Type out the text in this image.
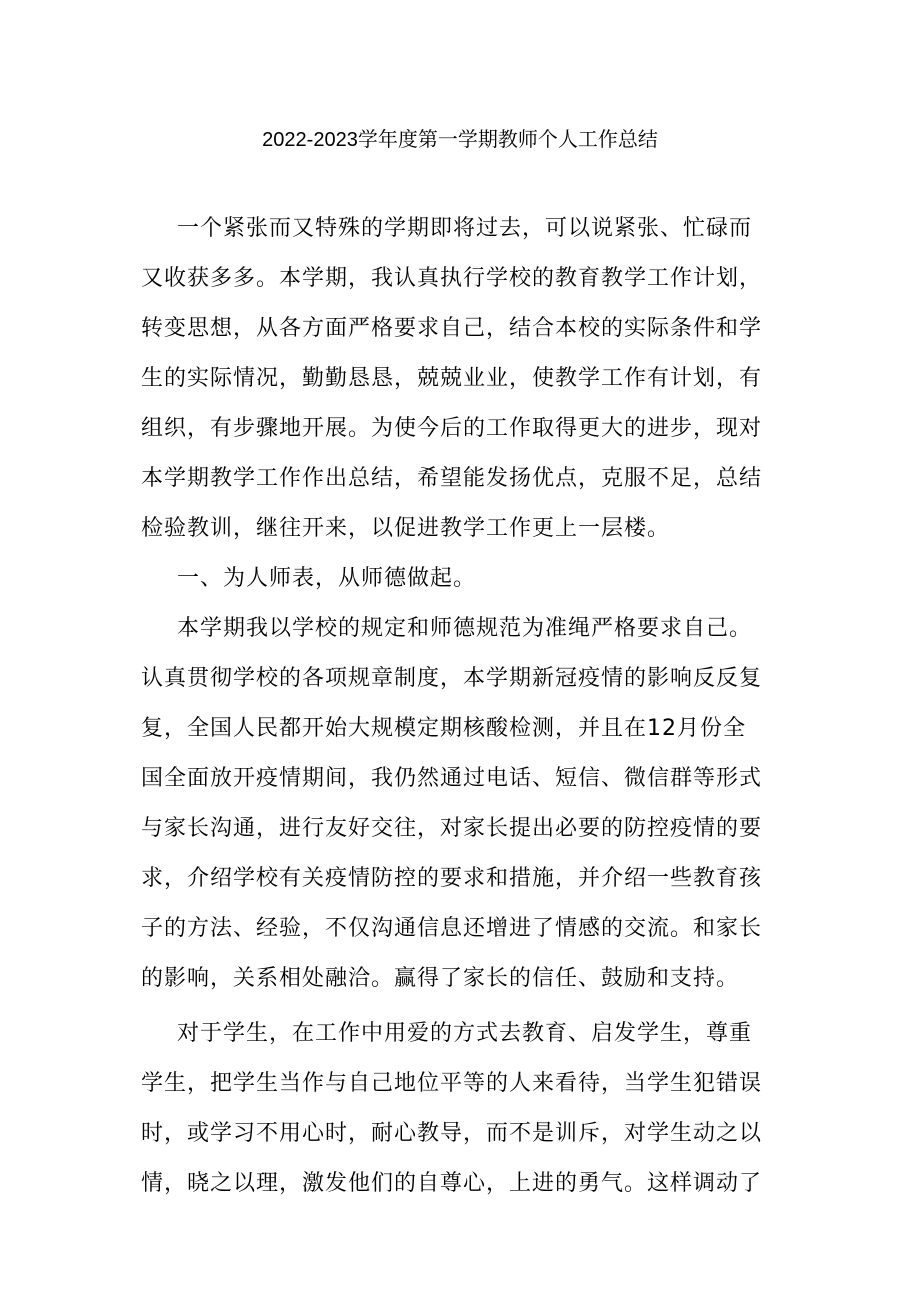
2022-2023学年度第一学期教师个人工作总结
一个紧张而又特殊的学期即将过去，可以说紧张、忙碌而
又收获多多。本学期，我认真执行学校的教育教学工作计划，
转变思想，从各方面严格要求自己，结合本校的实际条件和学
生的实际情况，勤勤恳恳，兢兢业业，使教学工作有计划，有
组织，有步骤地开展。为使今后的工作取得更大的进步，现对
本学期教学工作作出总结，希望能发扬优点，克服不足，总结
检验教训，继往开来，以促进教学工作更上一层楼。
一、为人师表，从师德做起。
本学期我以学校的规定和师德规范为准绳严格要求自己。
认真贯彻学校的各项规章制度，本学期新冠疫情的影响反反复
复，全国人民都开始大规模定期核酸检测，并且在12月份全
国全面放开疫情期间，我仍然通过电话、短信、微信群等形式
与家长沟通，进行友好交往，对家长提出必要的防控疫情的要
求，介绍学校有关疫情防控的要求和措施，并介绍一些教育孩
子的方法、经验，不仅沟通信息还增进了情感的交流。和家长
的影响，关系相处融洽。赢得了家长的信任、鼓励和支持。
对于学生，在工作中用爱的方式去教育、启发学生，尊重
学生，把学生当作与自己地位平等的人来看待，当学生犯错误
时，或学习不用心时，耐心教导，而不是训斥，对学生动之以
情，晓之以理，激发他们的自尊心，上进的勇气。这样调动了
